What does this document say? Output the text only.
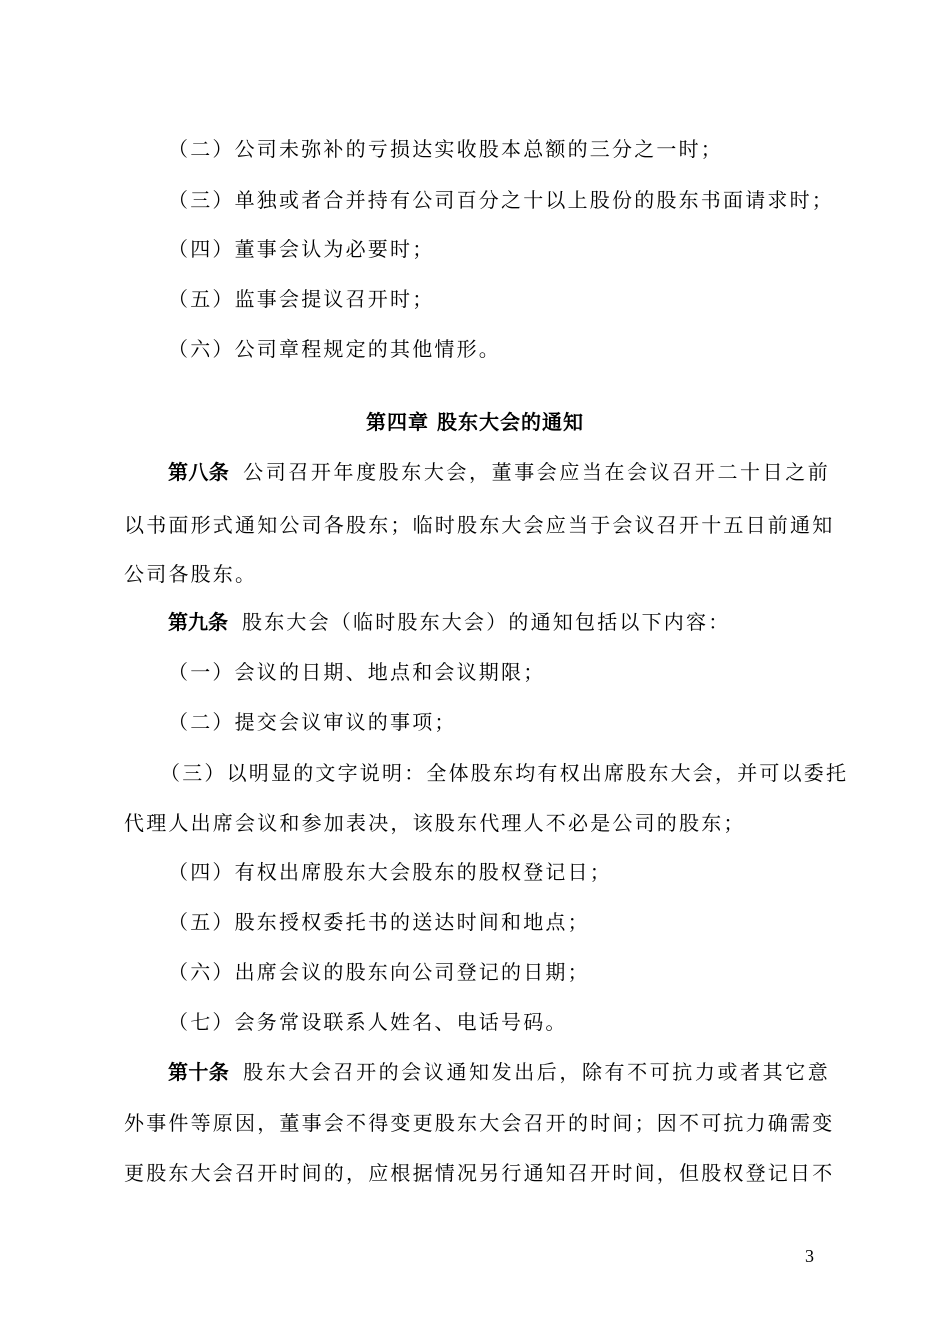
（二）公司未弥补的亏损达实收股本总额的三分之一时；
（三）单独或者合并持有公司百分之十以上股份的股东书面请求时；
（四）董事会认为必要时；
（五）监事会提议召开时；
（六）公司章程规定的其他情形。
第四章 股东大会的通知
第八条 公司召开年度股东大会，董事会应当在会议召开二十日之前
以书面形式通知公司各股东；临时股东大会应当于会议召开十五日前通知
公司各股东。
第九条 股东大会（临时股东大会）的通知包括以下内容：
（一）会议的日期、地点和会议期限；
（二）提交会议审议的事项；
（三）以明显的文字说明：全体股东均有权出席股东大会，并可以委托
代理人出席会议和参加表决，该股东代理人不必是公司的股东；
（四）有权出席股东大会股东的股权登记日；
（五）股东授权委托书的送达时间和地点；
（六）出席会议的股东向公司登记的日期；
（七）会务常设联系人姓名、电话号码。
第十条 股东大会召开的会议通知发出后，除有不可抗力或者其它意
外事件等原因，董事会不得变更股东大会召开的时间；因不可抗力确需变
更股东大会召开时间的，应根据情况另行通知召开时间，但股权登记日不
3
